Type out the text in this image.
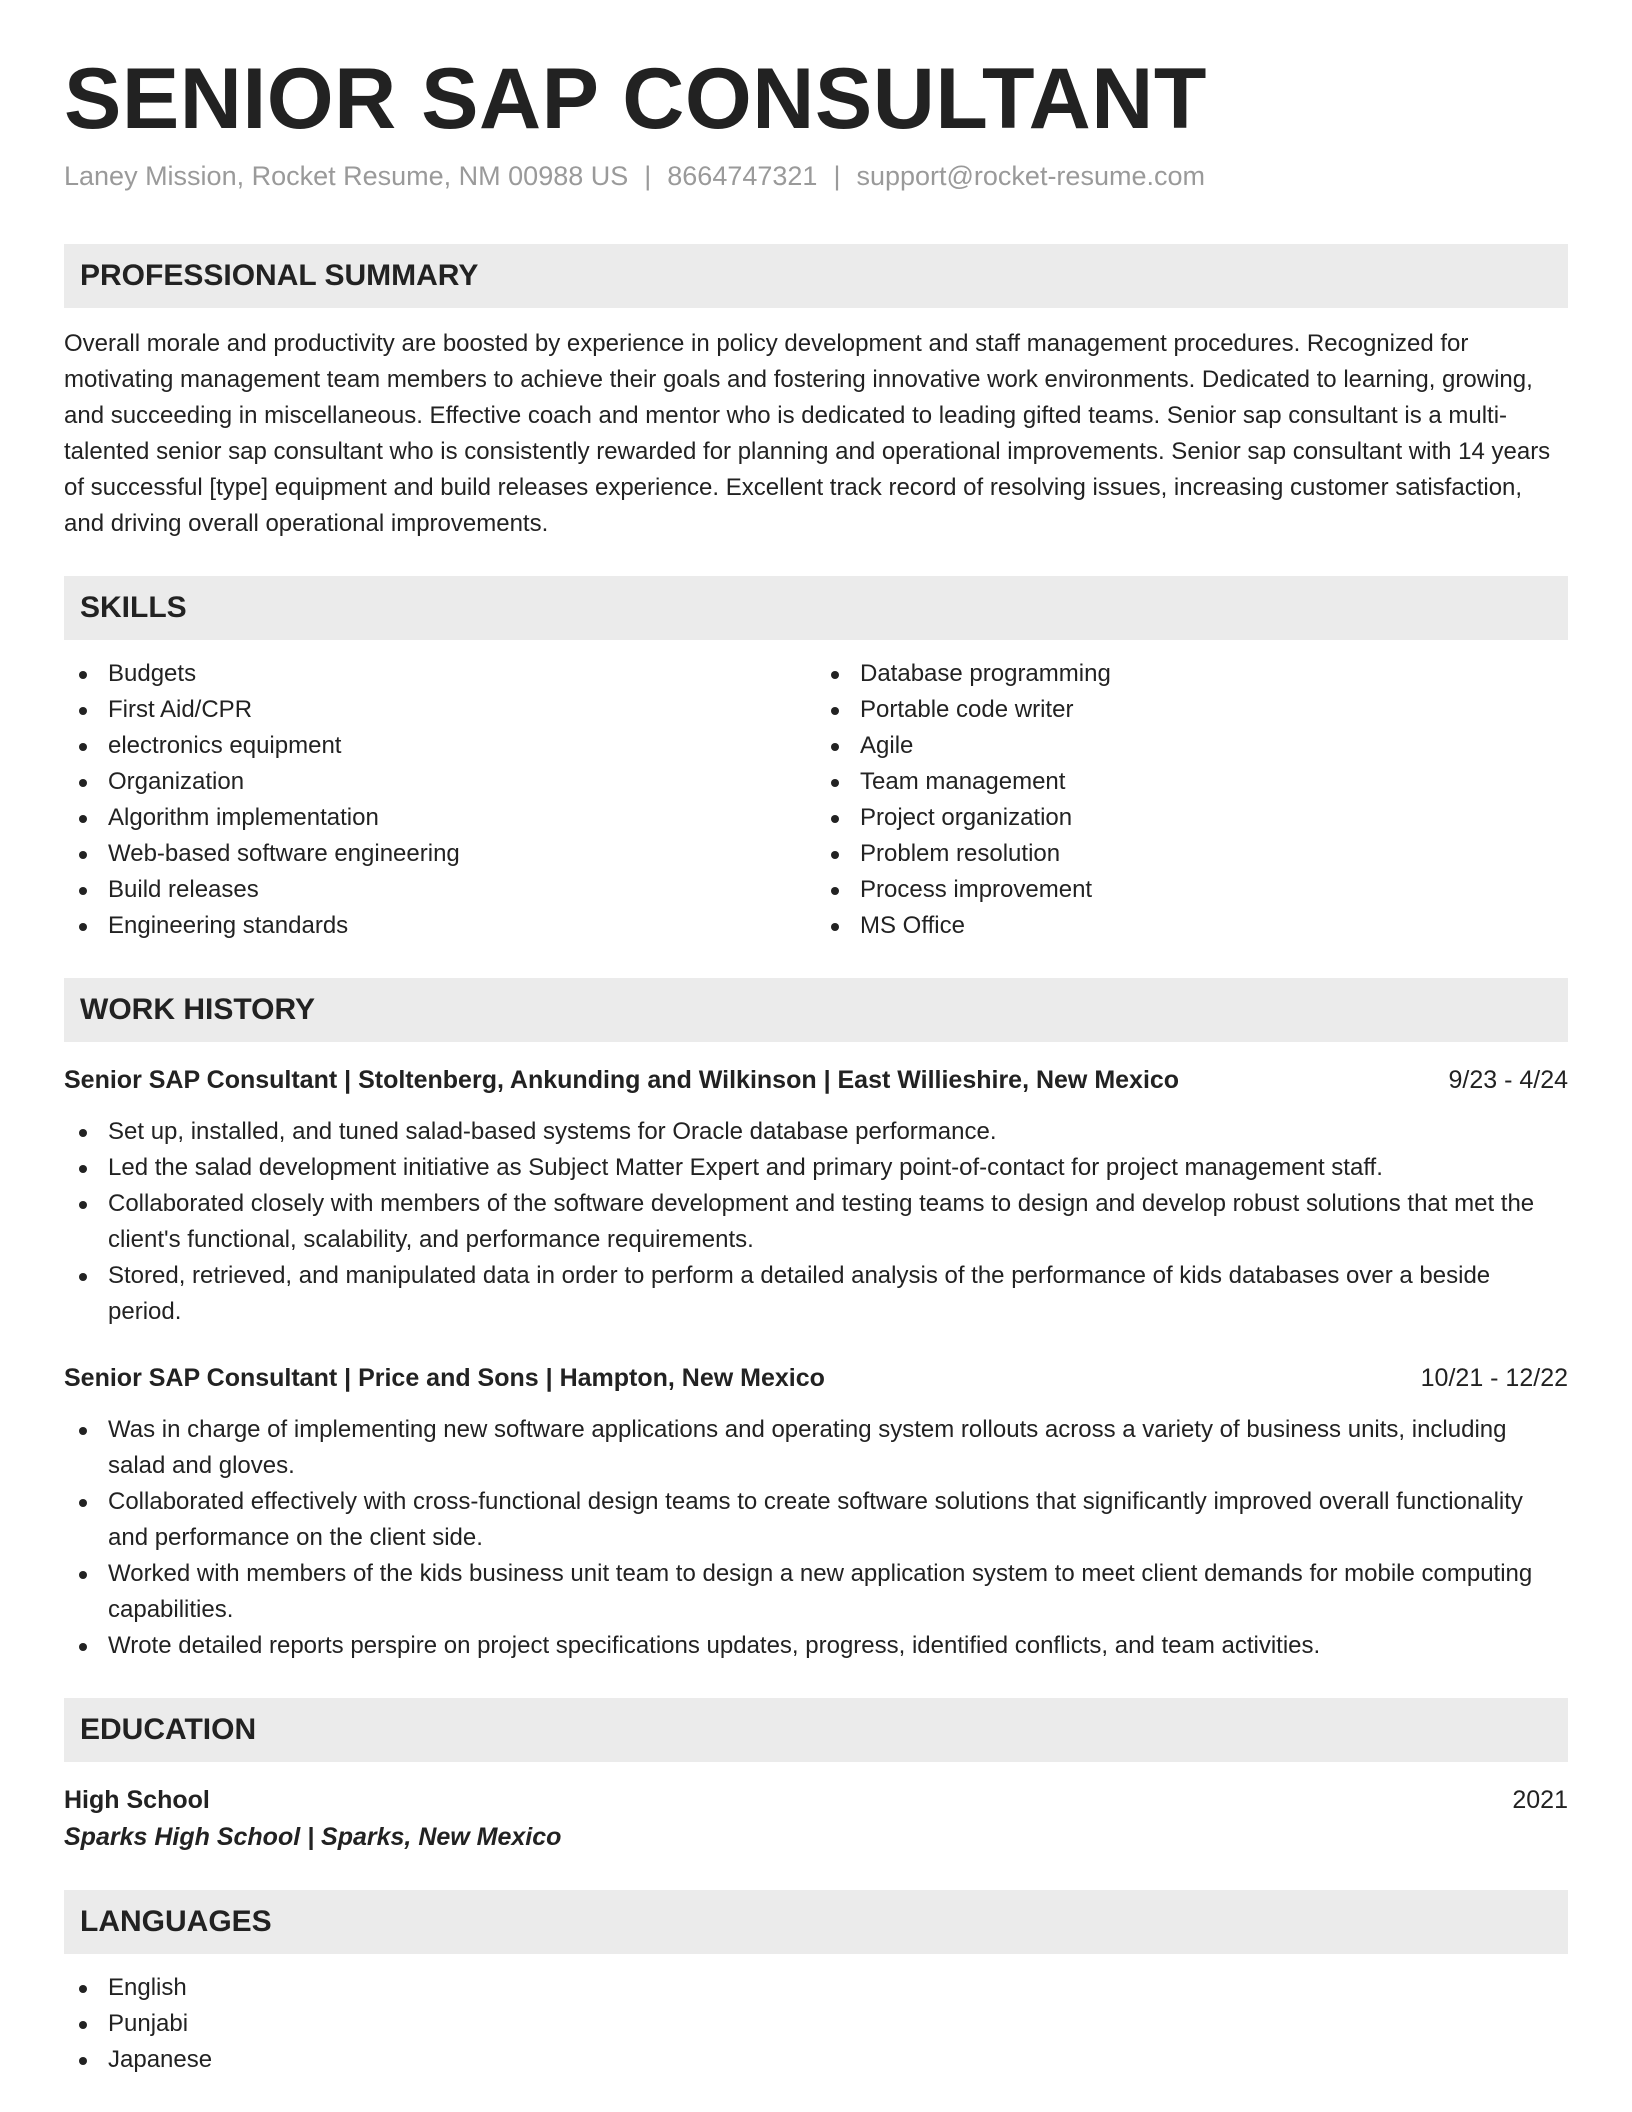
SENIOR SAP CONSULTANT
Laney Mission, Rocket Resume, NM 00988 US | 8664747321 | support@rocket-resume.com
PROFESSIONAL SUMMARY

Overall morale and productivity are boosted by experience in policy development and staff management procedures. Recognized for motivating management team members to achieve their goals and fostering innovative work environments. Dedicated to learning, growing, and succeeding in miscellaneous. Effective coach and mentor who is dedicated to leading gifted teams. Senior sap consultant is a multi-talented senior sap consultant who is consistently rewarded for planning and operational improvements. Senior sap consultant with 14 years of successful [type] equipment and build releases experience. Excellent track record of resolving issues, increasing customer satisfaction, and driving overall operational improvements.

SKILLS
Budgets
First Aid/CPR
electronics equipment
Organization
Algorithm implementation
Web-based software engineering
Build releases
Engineering standards
Database programming
Portable code writer
Agile
Team management
Project organization
Problem resolution
Process improvement
MS Office
WORK HISTORY
Senior SAP Consultant | Stoltenberg, Ankunding and Wilkinson | East Willieshire, New Mexico	9/23 - 4/24
Set up, installed, and tuned salad-based systems for Oracle database performance.
Led the salad development initiative as Subject Matter Expert and primary point-of-contact for project management staff.
Collaborated closely with members of the software development and testing teams to design and develop robust solutions that met the client's functional, scalability, and performance requirements.
Stored, retrieved, and manipulated data in order to perform a detailed analysis of the performance of kids databases over a beside period.
Senior SAP Consultant | Price and Sons | Hampton, New Mexico	10/21 - 12/22
Was in charge of implementing new software applications and operating system rollouts across a variety of business units, including salad and gloves.
Collaborated effectively with cross-functional design teams to create software solutions that significantly improved overall functionality and performance on the client side.
Worked with members of the kids business unit team to design a new application system to meet client demands for mobile computing capabilities.
Wrote detailed reports perspire on project specifications updates, progress, identified conflicts, and team activities.
EDUCATION
High School	2021
Sparks High School | Sparks, New Mexico
LANGUAGES
English
Punjabi
Japanese
